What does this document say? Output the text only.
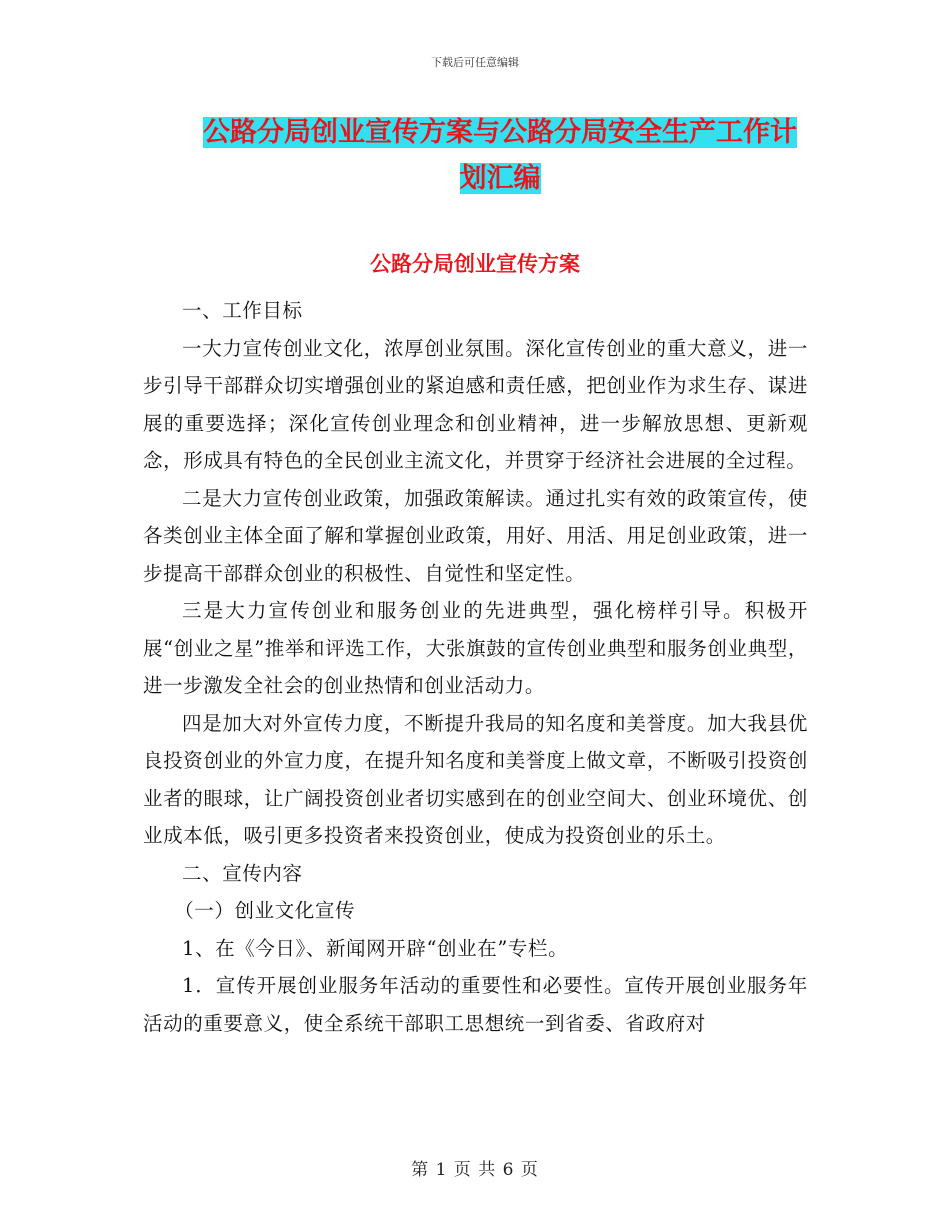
下载后可任意编辑
公路分局创业宣传方案与公路分局安全生产工作计划汇编
公路分局创业宣传方案

一、工作目标

一大力宣传创业文化，浓厚创业氛围。深化宣传创业的重大意义，进一步引导干部群众切实增强创业的紧迫感和责任感，把创业作为求生存、谋进展的重要选择；深化宣传创业理念和创业精神，进一步解放思想、更新观念，形成具有特色的全民创业主流文化，并贯穿于经济社会进展的全过程。

二是大力宣传创业政策，加强政策解读。通过扎实有效的政策宣传，使各类创业主体全面了解和掌握创业政策，用好、用活、用足创业政策，进一步提高干部群众创业的积极性、自觉性和坚定性。

三是大力宣传创业和服务创业的先进典型，强化榜样引导。积极开展“创业之星”推举和评选工作，大张旗鼓的宣传创业典型和服务创业典型，进一步激发全社会的创业热情和创业活动力。

四是加大对外宣传力度，不断提升我局的知名度和美誉度。加大我县优良投资创业的外宣力度，在提升知名度和美誉度上做文章，不断吸引投资创业者的眼球，让广阔投资创业者切实感到在的创业空间大、创业环境优、创业成本低，吸引更多投资者来投资创业，使成为投资创业的乐土。

二、宣传内容

（一）创业文化宣传

1、在《今日》、新闻网开辟“创业在”专栏。

1．宣传开展创业服务年活动的重要性和必要性。宣传开展创业服务年活动的重要意义，使全系统干部职工思想统一到省委、省政府对

第 1 页 共 6 页
